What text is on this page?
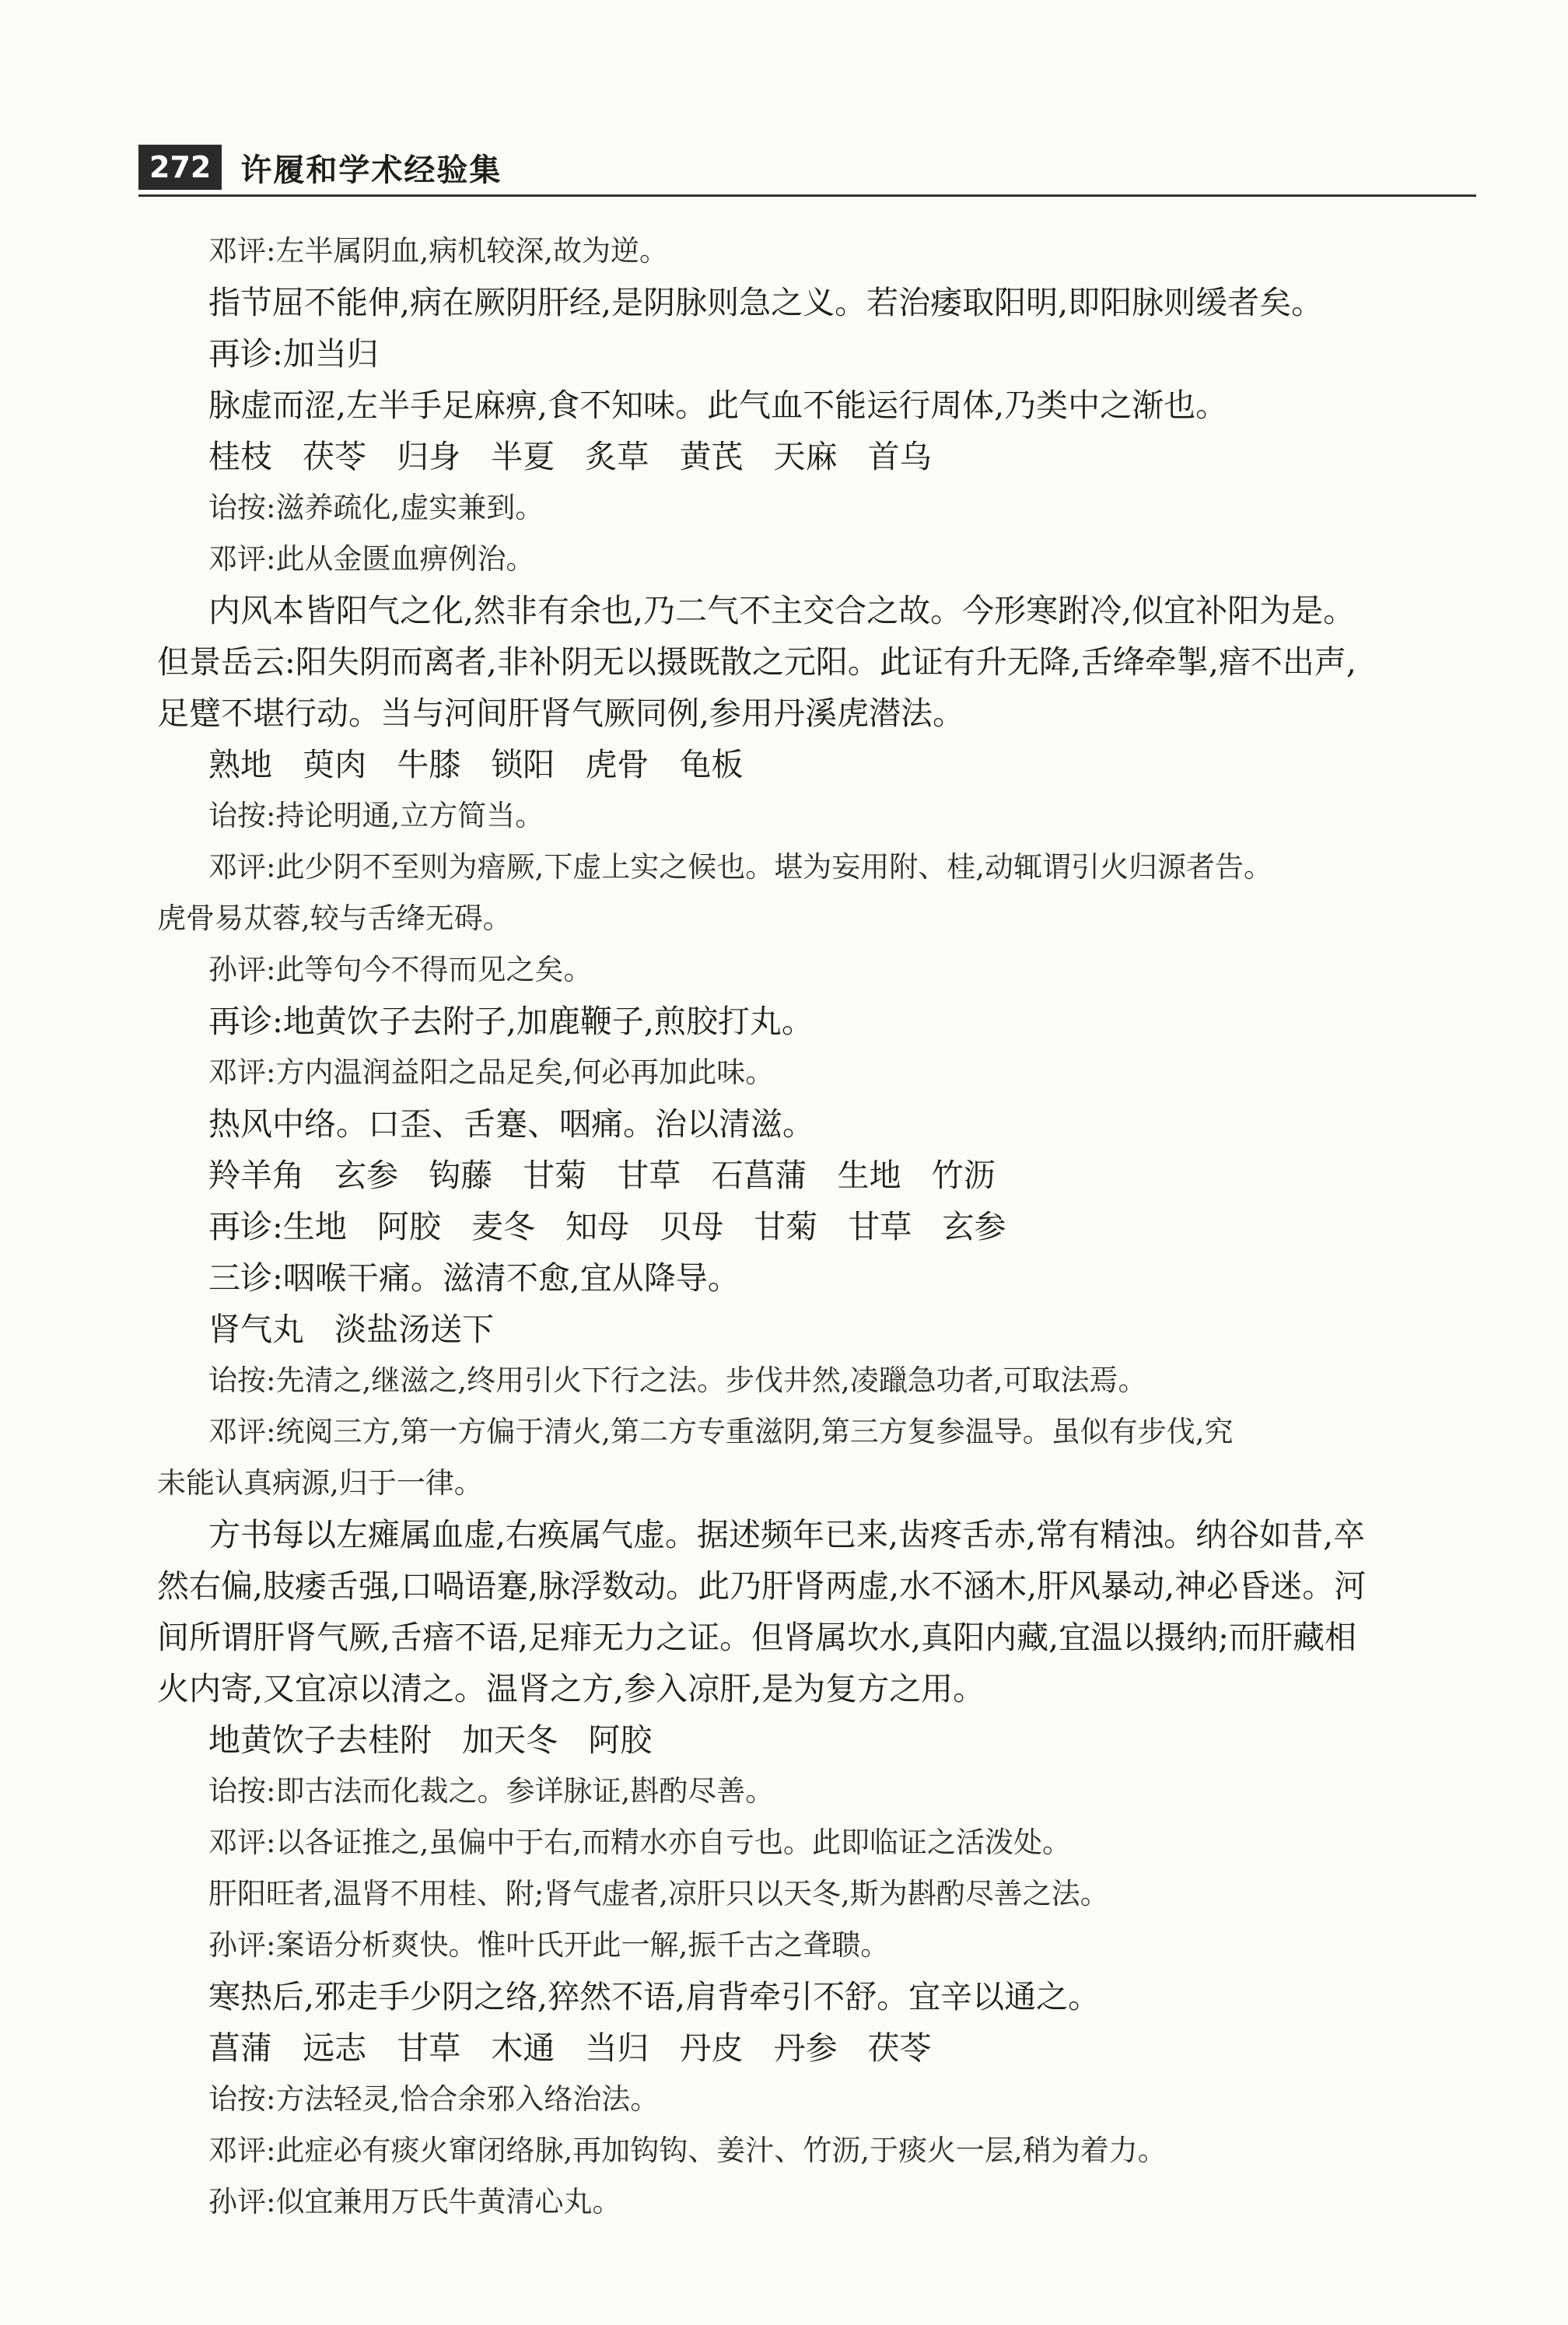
272 许履和学术经验集
邓评:左半属阴血,病机较深,故为逆。
指节屈不能伸,病在厥阴肝经,是阴脉则急之义。若治痿取阳明,即阳脉则缓者矣。
再诊:加当归
脉虚而涩,左半手足麻痹,食不知味。此气血不能运行周体,乃类中之渐也。
桂枝   茯苓   归身   半夏   炙草   黄芪   天麻   首乌
诒按:滋养疏化,虚实兼到。
邓评:此从金匮血痹例治。
内风本皆阳气之化,然非有余也,乃二气不主交合之故。今形寒跗冷,似宜补阳为是。
但景岳云:阳失阴而离者,非补阴无以摄既散之元阳。此证有升无降,舌绛牵掣,瘖不出声,
足躄不堪行动。当与河间肝肾气厥同例,参用丹溪虎潜法。
熟地   萸肉   牛膝   锁阳   虎骨   龟板
诒按:持论明通,立方简当。
邓评:此少阴不至则为瘖厥,下虚上实之候也。堪为妄用附、桂,动辄谓引火归源者告。
虎骨易苁蓉,较与舌绛无碍。
孙评:此等句今不得而见之矣。
再诊:地黄饮子去附子,加鹿鞭子,煎胶打丸。
邓评:方内温润益阳之品足矣,何必再加此味。
热风中络。口歪、舌蹇、咽痛。治以清滋。
羚羊角   玄参   钩藤   甘菊   甘草   石菖蒲   生地   竹沥
再诊:生地   阿胶   麦冬   知母   贝母   甘菊   甘草   玄参
三诊:咽喉干痛。滋清不愈,宜从降导。
肾气丸   淡盐汤送下
诒按:先清之,继滋之,终用引火下行之法。步伐井然,凌躐急功者,可取法焉。
邓评:统阅三方,第一方偏于清火,第二方专重滋阴,第三方复参温导。虽似有步伐,究
未能认真病源,归于一律。
方书每以左瘫属血虚,右痪属气虚。据述频年已来,齿疼舌赤,常有精浊。纳谷如昔,卒
然右偏,肢痿舌强,口喎语蹇,脉浮数动。此乃肝肾两虚,水不涵木,肝风暴动,神必昏迷。河
间所谓肝肾气厥,舌瘖不语,足痱无力之证。但肾属坎水,真阳内藏,宜温以摄纳;而肝藏相
火内寄,又宜凉以清之。温肾之方,参入凉肝,是为复方之用。
地黄饮子去桂附   加天冬   阿胶
诒按:即古法而化裁之。参详脉证,斟酌尽善。
邓评:以各证推之,虽偏中于右,而精水亦自亏也。此即临证之活泼处。
肝阳旺者,温肾不用桂、附;肾气虚者,凉肝只以天冬,斯为斟酌尽善之法。
孙评:案语分析爽快。惟叶氏开此一解,振千古之聋聩。
寒热后,邪走手少阴之络,猝然不语,肩背牵引不舒。宜辛以通之。
菖蒲   远志   甘草   木通   当归   丹皮   丹参   茯苓
诒按:方法轻灵,恰合余邪入络治法。
邓评:此症必有痰火窜闭络脉,再加钩钩、姜汁、竹沥,于痰火一层,稍为着力。
孙评:似宜兼用万氏牛黄清心丸。
